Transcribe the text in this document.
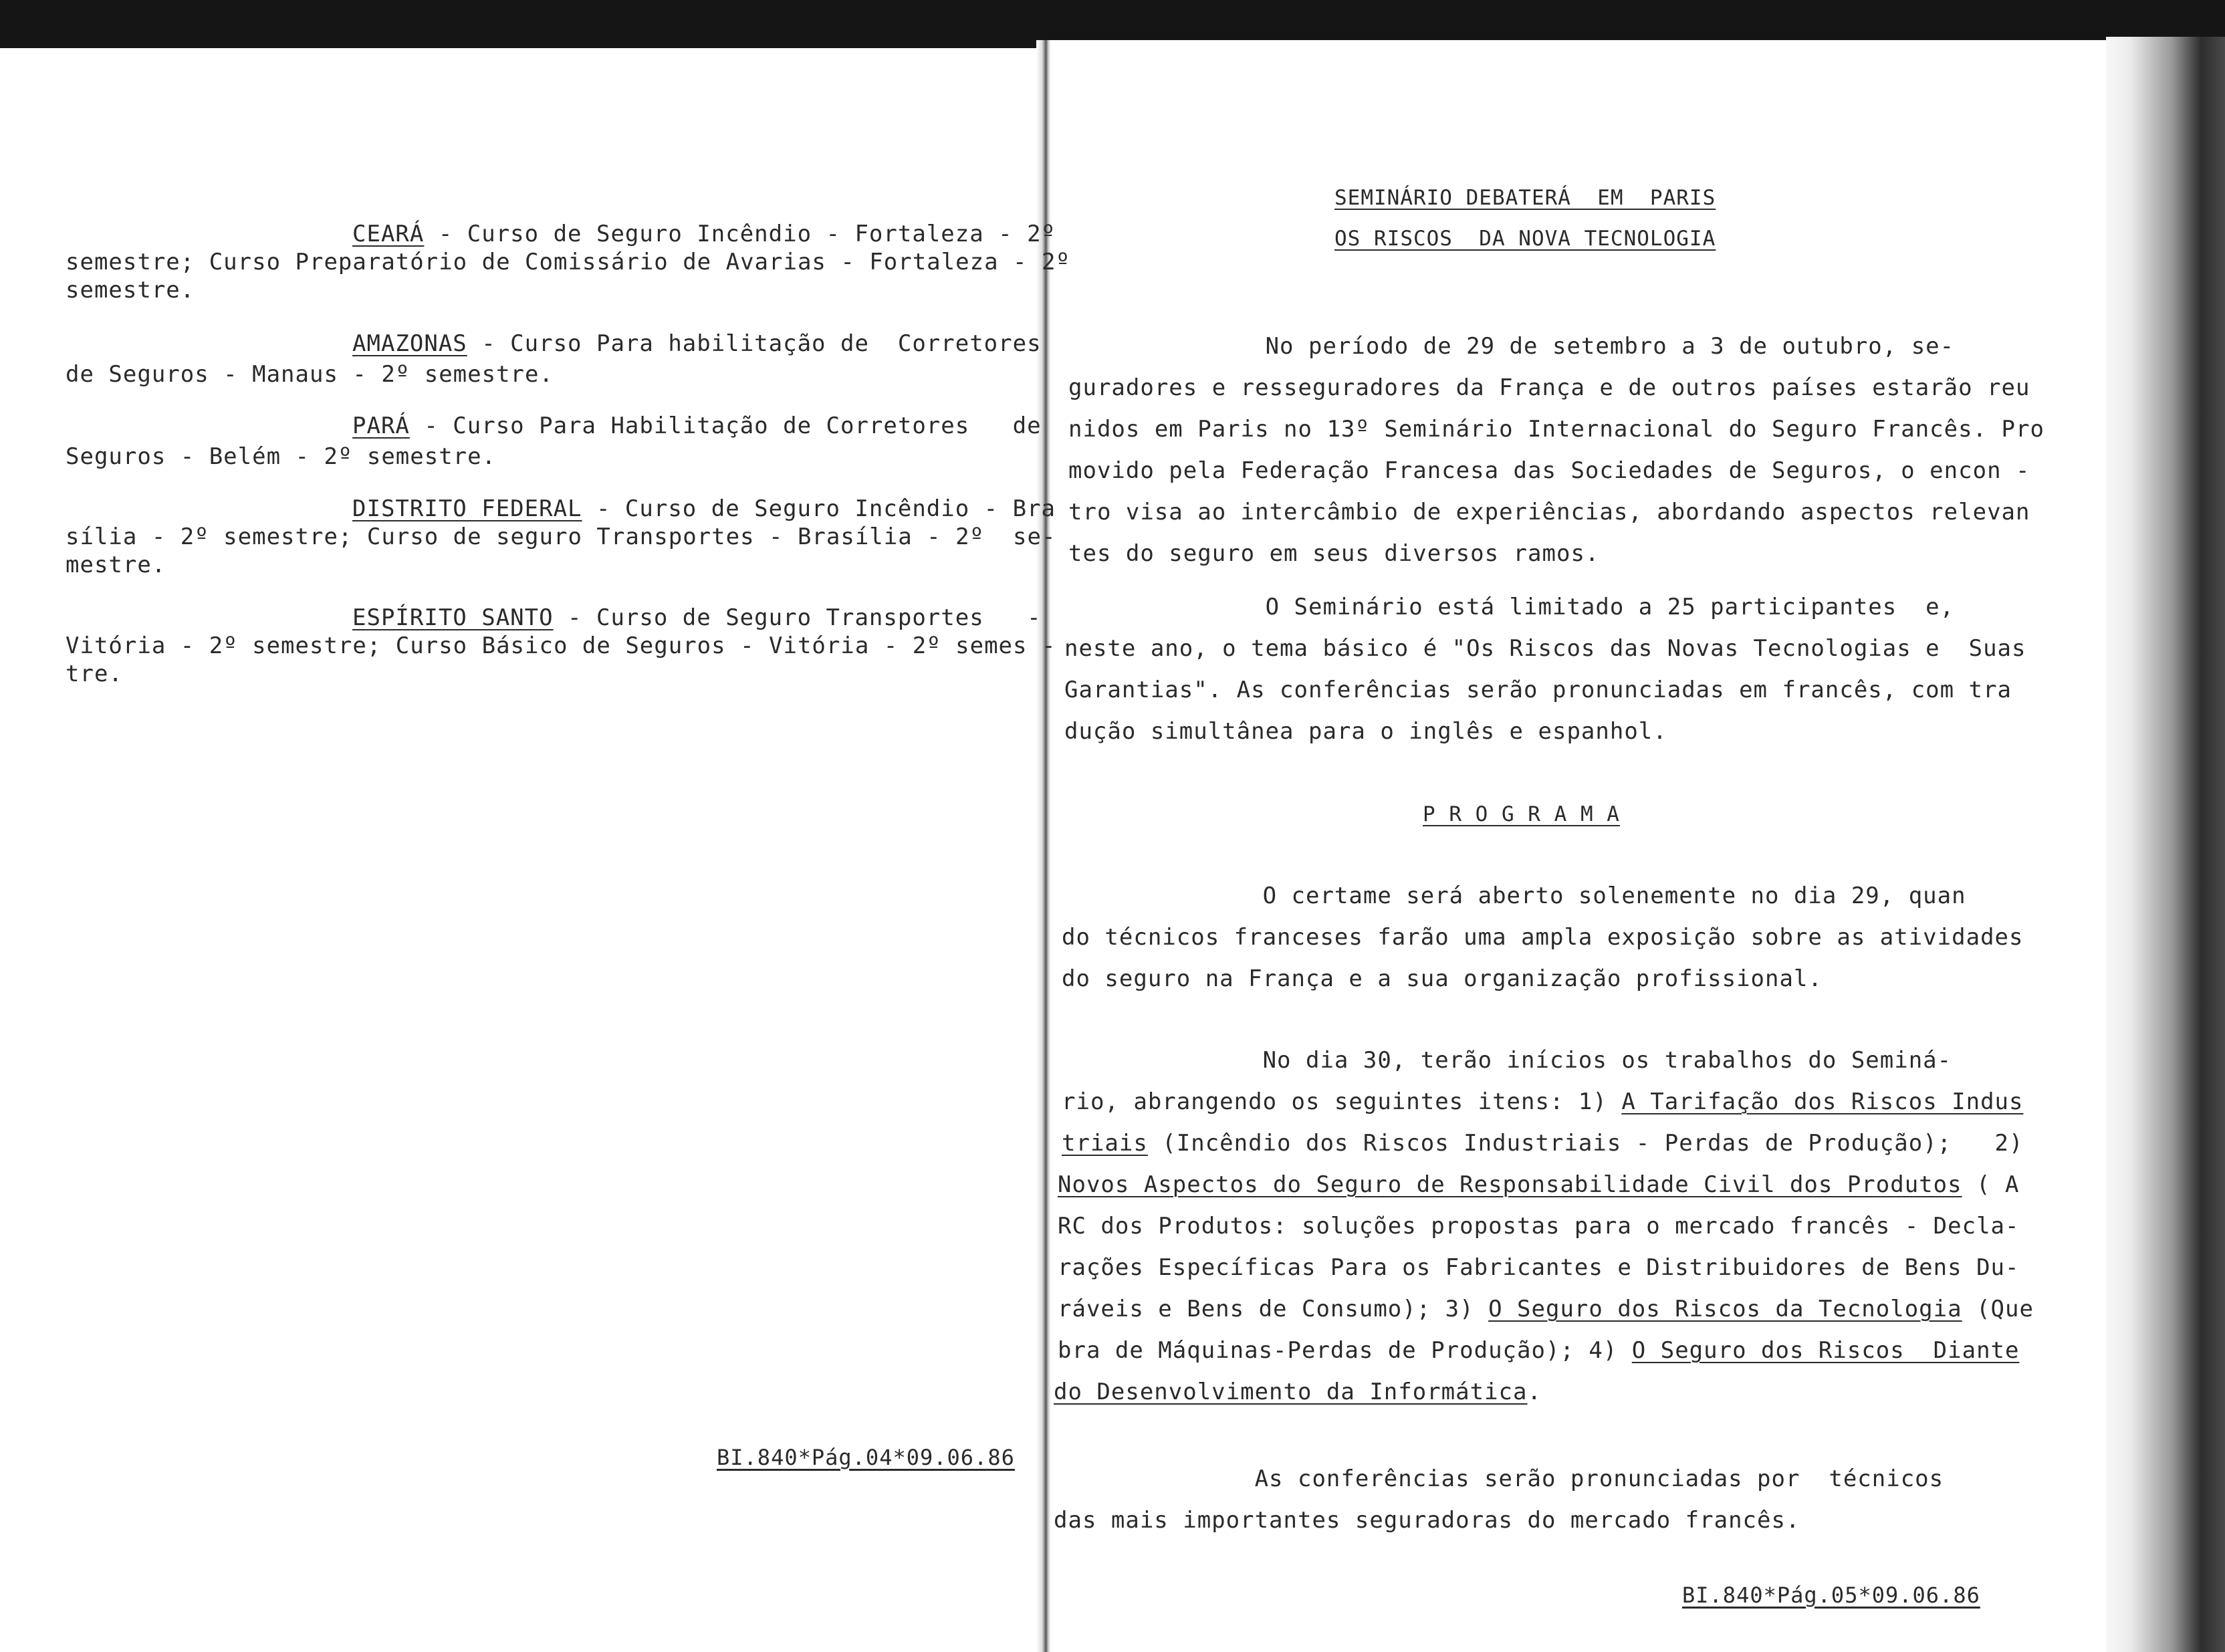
CEARÁ - Curso de Seguro Incêndio - Fortaleza - 2º
semestre; Curso Preparatório de Comissário de Avarias - Fortaleza - 2º
semestre.
AMAZONAS - Curso Para habilitação de  Corretores
de Seguros - Manaus - 2º semestre.
PARÁ - Curso Para Habilitação de Corretores   de
Seguros - Belém - 2º semestre.
DISTRITO FEDERAL - Curso de Seguro Incêndio - Bra
sília - 2º semestre; Curso de seguro Transportes - Brasília - 2º  se-
mestre.
ESPÍRITO SANTO - Curso de Seguro Transportes   -
Vitória - 2º semestre; Curso Básico de Seguros - Vitória - 2º semes -
tre.
BI.840*Pág.04*09.06.86
SEMINÁRIO DEBATERÁ  EM  PARIS
OS RISCOS  DA NOVA TECNOLOGIA
No período de 29 de setembro a 3 de outubro, se-
guradores e resseguradores da França e de outros países estarão reu
nidos em Paris no 13º Seminário Internacional do Seguro Francês. Pro
movido pela Federação Francesa das Sociedades de Seguros, o encon -
tro visa ao intercâmbio de experiências, abordando aspectos relevan
tes do seguro em seus diversos ramos.
O Seminário está limitado a 25 participantes  e,
neste ano, o tema básico é "Os Riscos das Novas Tecnologias e  Suas
Garantias". As conferências serão pronunciadas em francês, com tra
dução simultânea para o inglês e espanhol.
P R O G R A M A
O certame será aberto solenemente no dia 29, quan
do técnicos franceses farão uma ampla exposição sobre as atividades
do seguro na França e a sua organização profissional.
No dia 30, terão inícios os trabalhos do Seminá-
rio, abrangendo os seguintes itens: 1) A Tarifação dos Riscos Indus
triais (Incêndio dos Riscos Industriais - Perdas de Produção);   2)
Novos Aspectos do Seguro de Responsabilidade Civil dos Produtos ( A
RC dos Produtos: soluções propostas para o mercado francês - Decla-
rações Específicas Para os Fabricantes e Distribuidores de Bens Du-
ráveis e Bens de Consumo); 3) O Seguro dos Riscos da Tecnologia (Que
bra de Máquinas-Perdas de Produção); 4) O Seguro dos Riscos  Diante
do Desenvolvimento da Informática.
As conferências serão pronunciadas por  técnicos
das mais importantes seguradoras do mercado francês.
BI.840*Pág.05*09.06.86
